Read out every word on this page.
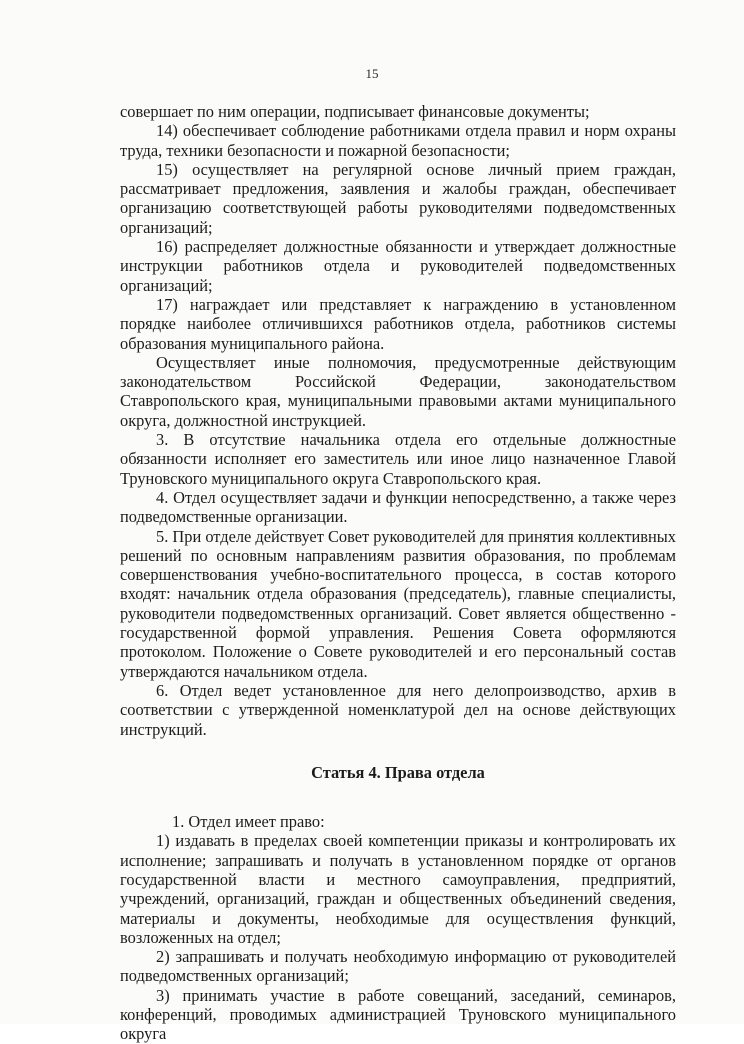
15

совершает по ним операции, подписывает финансовые документы;

14) обеспечивает соблюдение работниками отдела правил и норм охраны труда, техники безопасности и пожарной безопасности;

15) осуществляет на регулярной основе личный прием граждан, рассматривает предложения, заявления и жалобы граждан, обеспечивает организацию соответствующей работы руководителями подведомственных организаций;

16) распределяет должностные обязанности и утверждает должностные инструкции работников отдела и руководителей подведомственных организаций;

17) награждает или представляет к награждению в установленном порядке наиболее отличившихся работников отдела, работников системы образования муниципального района.

Осуществляет иные полномочия, предусмотренные действующим законодательством Российской Федерации, законодательством Ставропольского края, муниципальными правовыми актами муниципального округа, должностной инструкцией.

3. В отсутствие начальника отдела его отдельные должностные обязанности исполняет его заместитель или иное лицо назначенное Главой Труновского муниципального округа Ставропольского края.

4. Отдел осуществляет задачи и функции непосредственно, а также через подведомственные организации.

5. При отделе действует Совет руководителей для принятия коллективных решений по основным направлениям развития образования, по проблемам совершенствования учебно-воспитательного процесса, в состав которого входят: начальник отдела образования (председатель), главные специалисты, руководители подведомственных организаций. Совет является общественно - государственной формой управления. Решения Совета оформляются протоколом. Положение о Совете руководителей и его персональный состав утверждаются начальником отдела.

6. Отдел ведет установленное для него делопроизводство, архив в соответствии с утвержденной номенклатурой дел на основе действующих инструкций.

Статья 4. Права отдела

1. Отдел имеет право:

1) издавать в пределах своей компетенции приказы и контролировать их исполнение; запрашивать и получать в установленном порядке от органов государственной власти и местного самоуправления, предприятий, учреждений, организаций, граждан и общественных объединений сведения, материалы и документы, необходимые для осуществления функций, возложенных на отдел;

2) запрашивать и получать необходимую информацию от руководителей подведомственных организаций;

3) принимать участие в работе совещаний, заседаний, семинаров, конференций, проводимых администрацией Труновского муниципального округа
